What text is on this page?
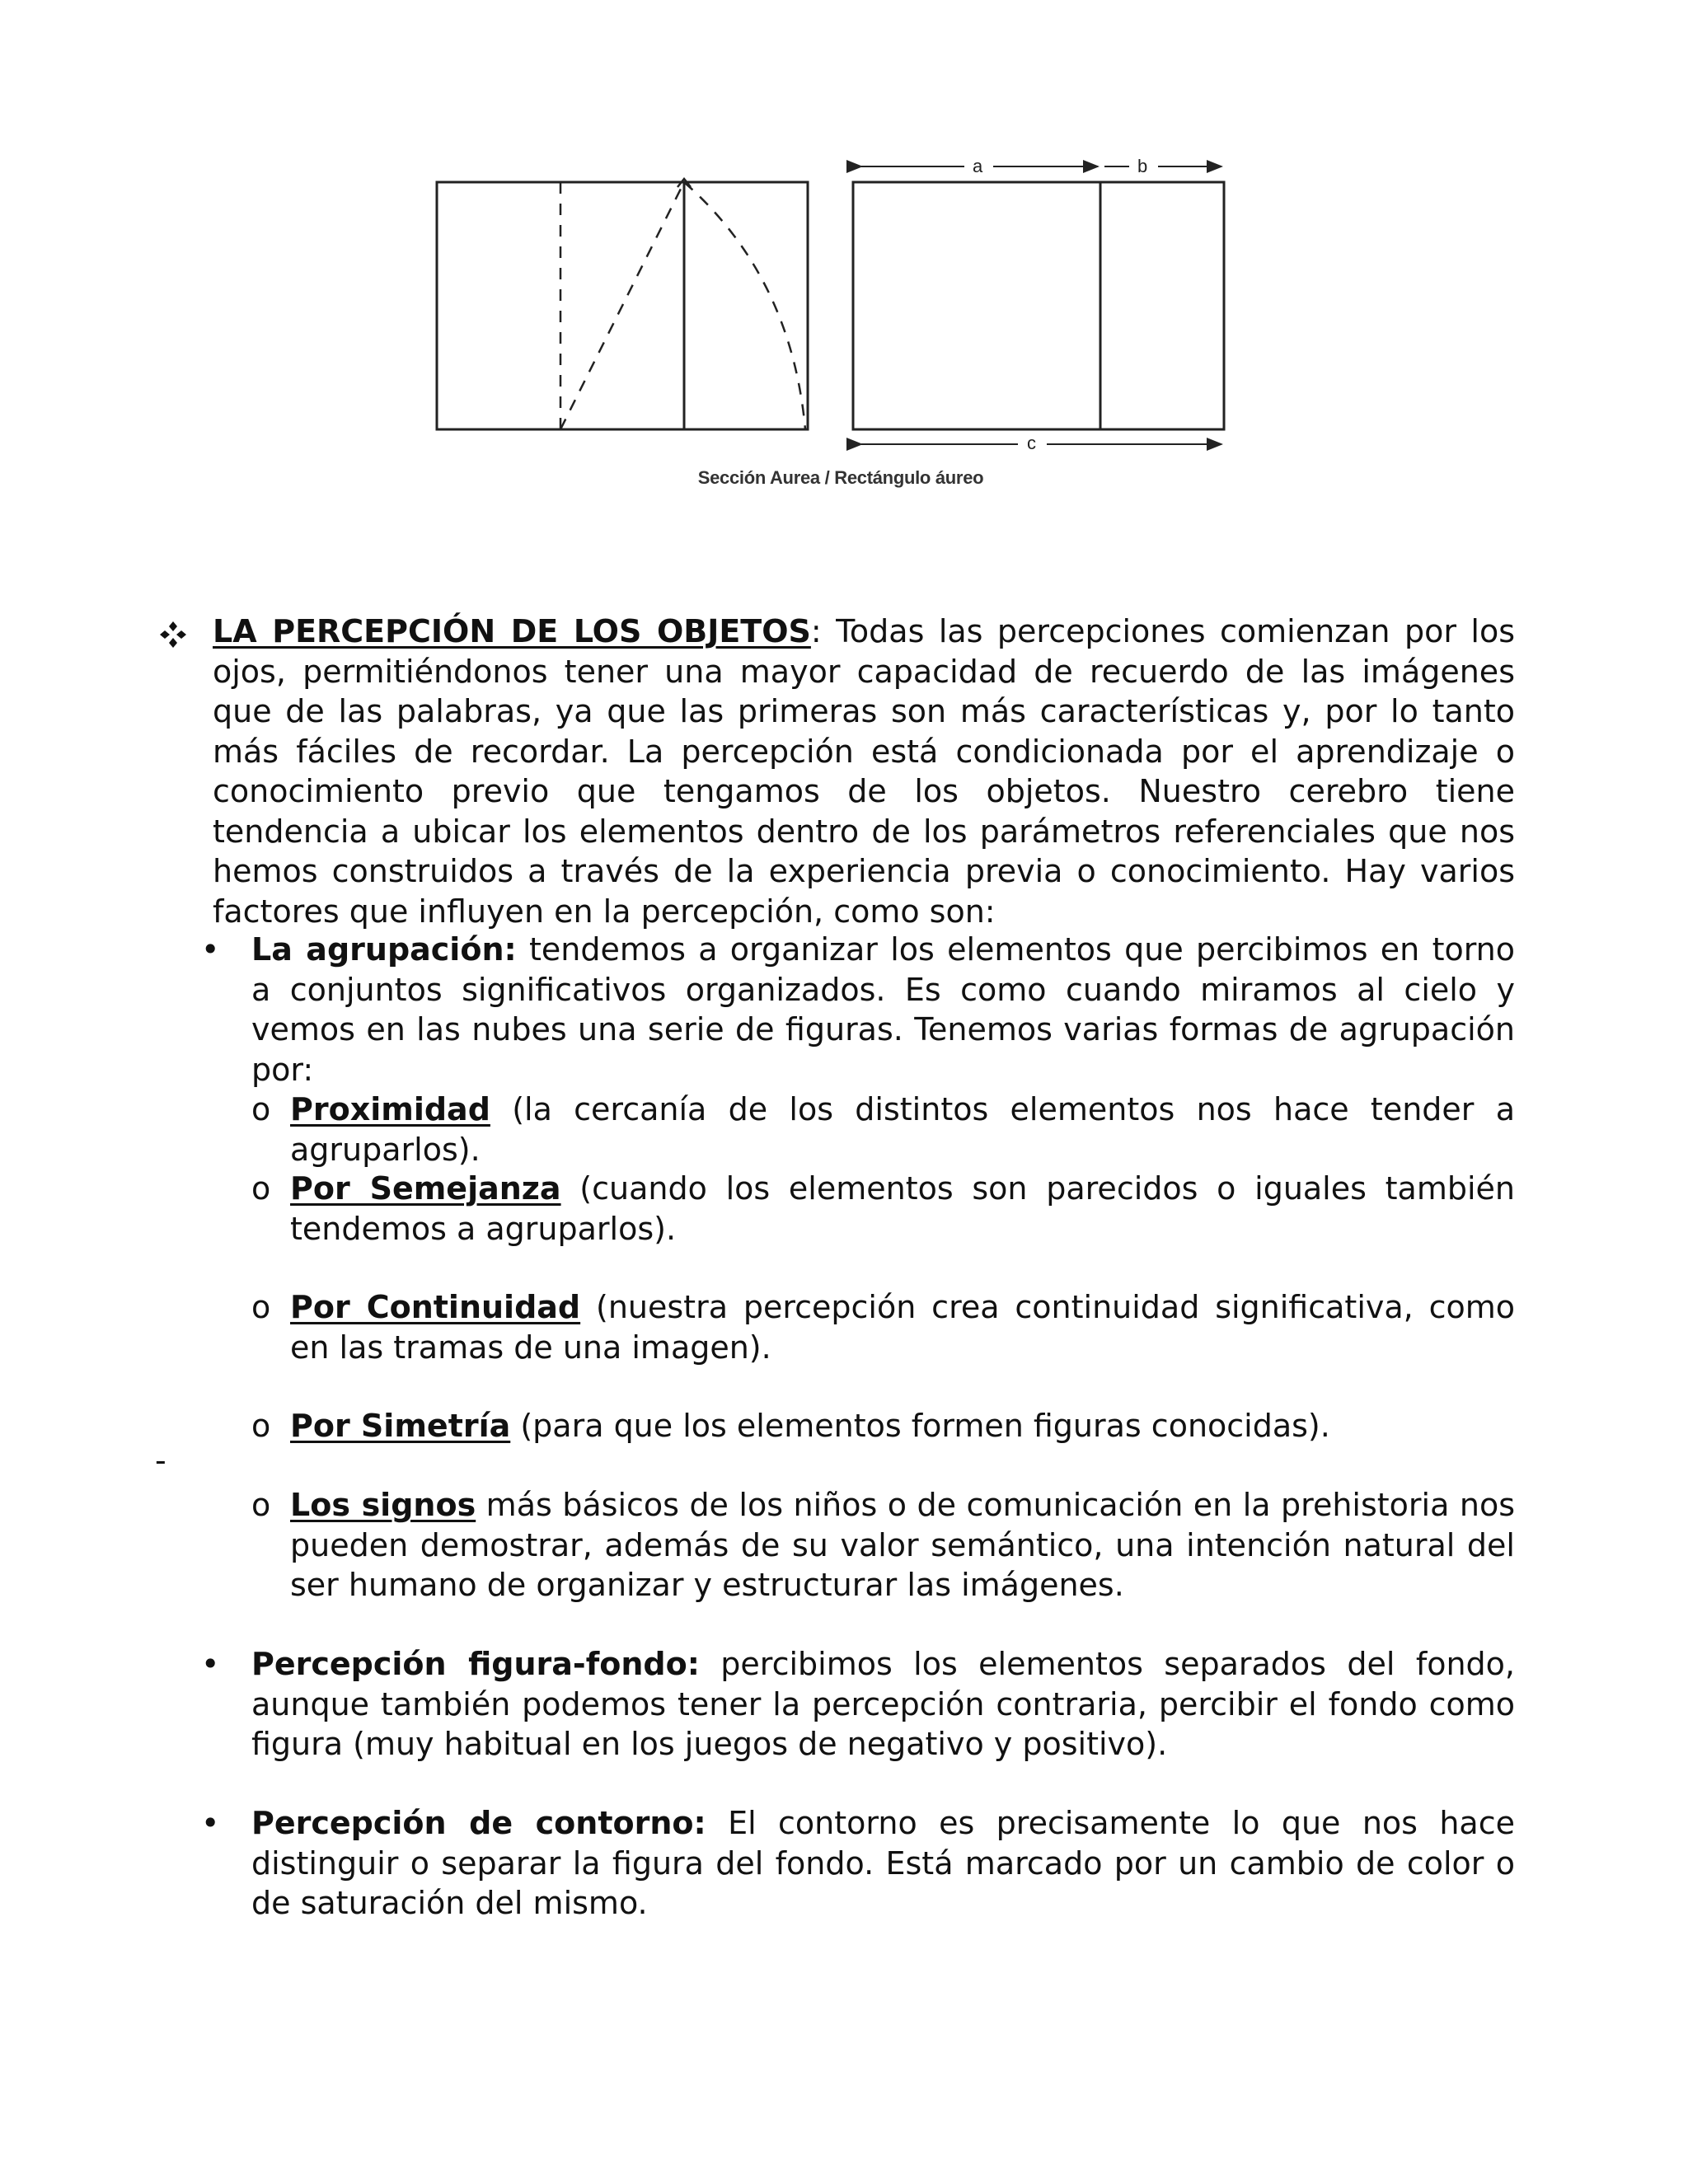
a	b
c
Sección Aurea / Rectángulo áureo
LA PERCEPCIÓN DE LOS OBJETOS: Todas las percepciones comienzan por los ojos, permitiéndonos tener una mayor capacidad de recuerdo de las imágenes que de las palabras, ya que las primeras son más características y, por lo tanto más fáciles de recordar. La percepción está condicionada por el aprendizaje o conocimiento previo que tengamos de los objetos. Nuestro cerebro tiene tendencia a ubicar los elementos dentro de los parámetros referenciales que nos hemos construidos a través de la experiencia previa o conocimiento. Hay varios factores que influyen en la percepción, como son:
• La agrupación: tendemos a organizar los elementos que percibimos en torno a conjuntos significativos organizados. Es como cuando miramos al cielo y vemos en las nubes una serie de figuras. Tenemos varias formas de agrupación por:
o Proximidad (la cercanía de los distintos elementos nos hace tender a agruparlos).
o Por Semejanza (cuando los elementos son parecidos o iguales también tendemos a agruparlos).
o Por Continuidad (nuestra percepción crea continuidad significativa, como en las tramas de una imagen).
o Por Simetría (para que los elementos formen figuras conocidas).
-
o Los signos más básicos de los niños o de comunicación en la prehistoria nos pueden demostrar, además de su valor semántico, una intención natural del ser humano de organizar y estructurar las imágenes.
• Percepción figura-fondo: percibimos los elementos separados del fondo, aunque también podemos tener la percepción contraria, percibir el fondo como figura (muy habitual en los juegos de negativo y positivo).
• Percepción de contorno: El contorno es precisamente lo que nos hace distinguir o separar la figura del fondo. Está marcado por un cambio de color o de saturación del mismo.
